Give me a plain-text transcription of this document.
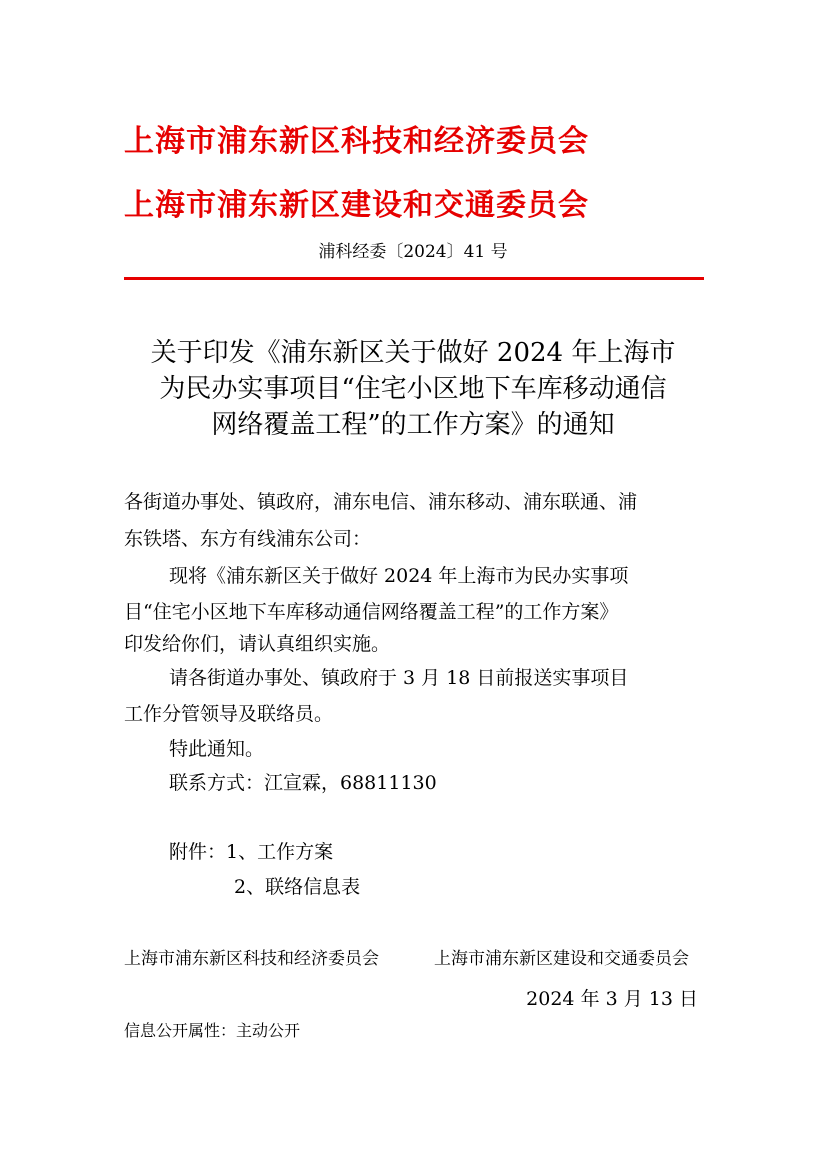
上海市浦东新区科技和经济委员会
上海市浦东新区建设和交通委员会
浦科经委〔2024〕41 号
关于印发《浦东新区关于做好 2024 年上海市
为民办实事项目“住宅小区地下车库移动通信
网络覆盖工程”的工作方案》的通知
各街道办事处、镇政府，浦东电信、浦东移动、浦东联通、浦
东铁塔、东方有线浦东公司：
现将《浦东新区关于做好 2024 年上海市为民办实事项
目“住宅小区地下车库移动通信网络覆盖工程”的工作方案》
印发给你们，请认真组织实施。
请各街道办事处、镇政府于 3 月 18 日前报送实事项目
工作分管领导及联络员。
特此通知。
联系方式：江宣霖，68811130
附件：1、工作方案
2、联络信息表
上海市浦东新区科技和经济委员会	上海市浦东新区建设和交通委员会
2024 年 3 月 13 日
信息公开属性：主动公开
